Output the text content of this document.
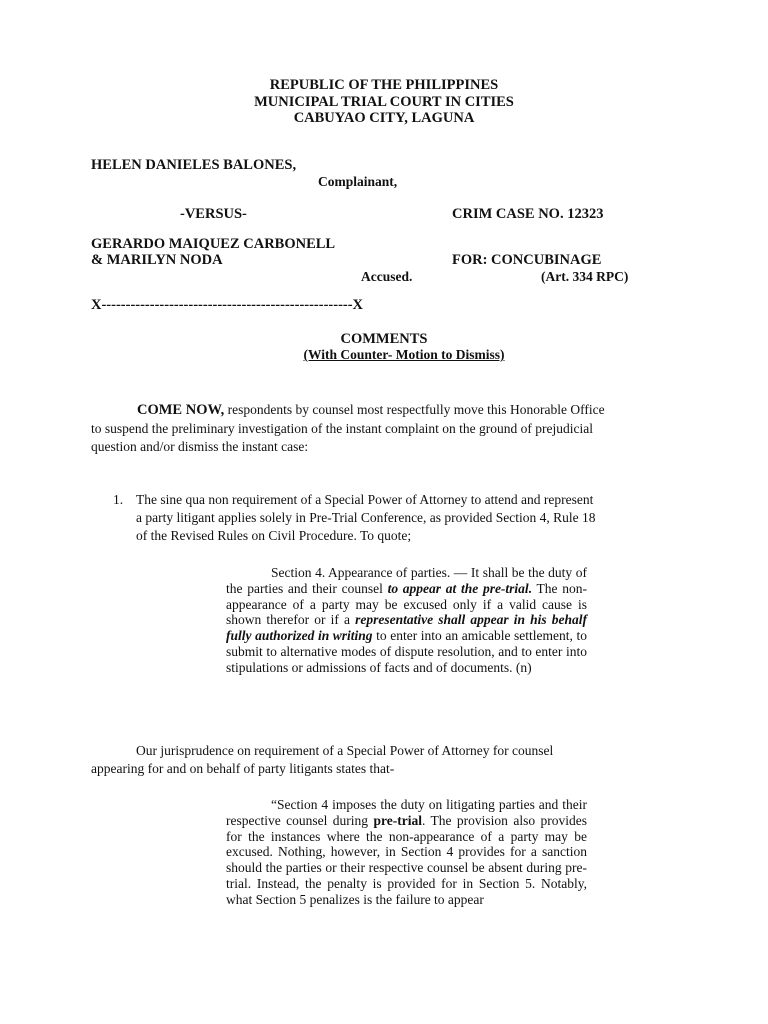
REPUBLIC OF THE PHILIPPINES
MUNICIPAL TRIAL COURT IN CITIES
CABUYAO CITY, LAGUNA
HELEN DANIELES BALONES,
Complainant,
-VERSUS-	CRIM CASE NO. 12323
GERARDO MAIQUEZ CARBONELL
& MARILYN NODA	FOR: CONCUBINAGE
Accused.	(Art. 334 RPC)
X----------------------------------------------------X
COMMENTS
(With Counter- Motion to Dismiss)
COME NOW, respondents by counsel most respectfully move this Honorable Office
to suspend the preliminary investigation of the instant complaint on the ground of prejudicial
question and/or dismiss the instant case:
1. The sine qua non requirement of a Special Power of Attorney to attend and represent
a party litigant applies solely in Pre-Trial Conference, as provided Section 4, Rule 18
of the Revised Rules on Civil Procedure. To quote;
Section 4. Appearance of parties. — It shall be the duty of the parties and their counsel to appear at the pre-trial. The non-appearance of a party may be excused only if a valid cause is shown therefor or if a representative shall appear in his behalf fully authorized in writing to enter into an amicable settlement, to submit to alternative modes of dispute resolution, and to enter into stipulations or admissions of facts and of documents. (n)
Our jurisprudence on requirement of a Special Power of Attorney for counsel
appearing for and on behalf of party litigants states that-
“Section 4 imposes the duty on litigating parties and their respective counsel during pre-trial. The provision also provides for the instances where the non-appearance of a party may be excused. Nothing, however, in Section 4 provides for a sanction should the parties or their respective counsel be absent during pre-trial. Instead, the penalty is provided for in Section 5. Notably, what Section 5 penalizes is the failure to appear
